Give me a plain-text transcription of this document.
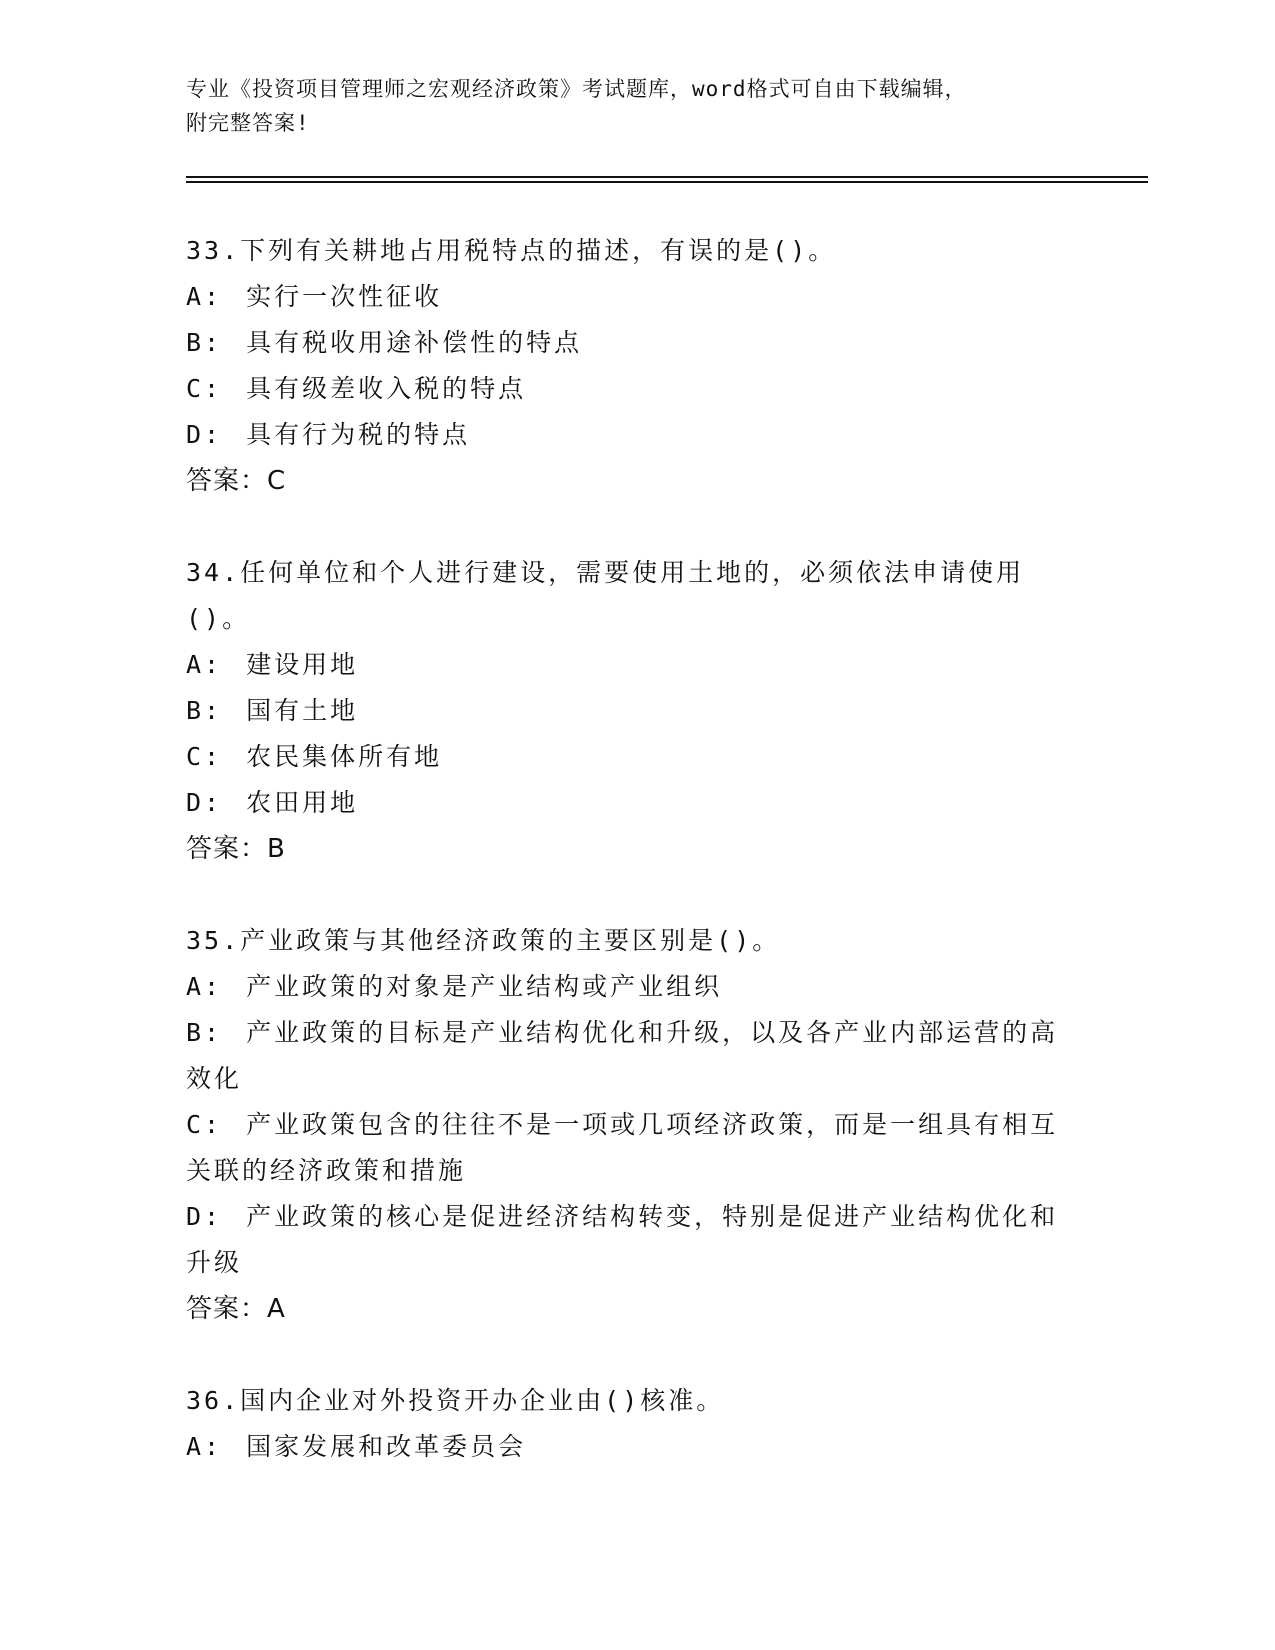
专业《投资项目管理师之宏观经济政策》考试题库，word格式可自由下载编辑，
附完整答案!
33.下列有关耕地占用税特点的描述，有误的是()。
A: 实行一次性征收
B: 具有税收用途补偿性的特点
C: 具有级差收入税的特点
D: 具有行为税的特点
答案：C
34.任何单位和个人进行建设，需要使用土地的，必须依法申请使用()。
A: 建设用地
B: 国有土地
C: 农民集体所有地
D: 农田用地
答案：B
35.产业政策与其他经济政策的主要区别是()。
A: 产业政策的对象是产业结构或产业组织
B: 产业政策的目标是产业结构优化和升级，以及各产业内部运营的高效化
C: 产业政策包含的往往不是一项或几项经济政策，而是一组具有相互关联的经济政策和措施
D: 产业政策的核心是促进经济结构转变，特别是促进产业结构优化和升级
答案：A
36.国内企业对外投资开办企业由()核准。
A: 国家发展和改革委员会
